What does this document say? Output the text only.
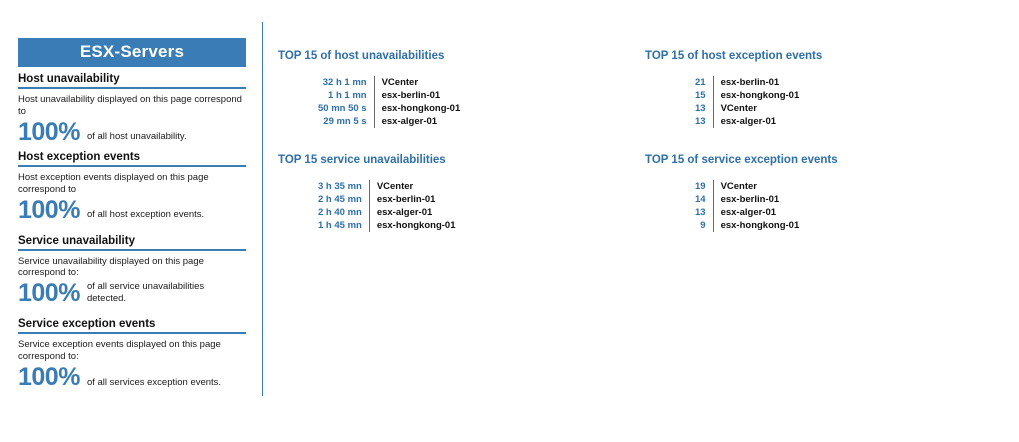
ESX-Servers
Host unavailability
Host unavailability displayed on this page correspond to
100% of all host unavailability.
Host exception events
Host exception events displayed on this page correspond to
100% of all host exception events.
Service unavailability
Service unavailability displayed on this page correspond to:
100% of all service unavailabilities detected.
Service exception events
Service exception events displayed on this page correspond to:
100% of all services exception events.
TOP 15 of host unavailabilities
32 h 1 mn	VCenter
1 h 1 mn	esx-berlin-01
50 mn 50 s	esx-hongkong-01
29 mn 5 s	esx-alger-01
TOP 15 service unavailabilities
3 h 35 mn	VCenter
2 h 45 mn	esx-berlin-01
2 h 40 mn	esx-alger-01
1 h 45 mn	esx-hongkong-01
TOP 15 of host exception events
21	esx-berlin-01
15	esx-hongkong-01
13	VCenter
13	esx-alger-01
TOP 15 of service exception events
19	VCenter
14	esx-berlin-01
13	esx-alger-01
9	esx-hongkong-01
